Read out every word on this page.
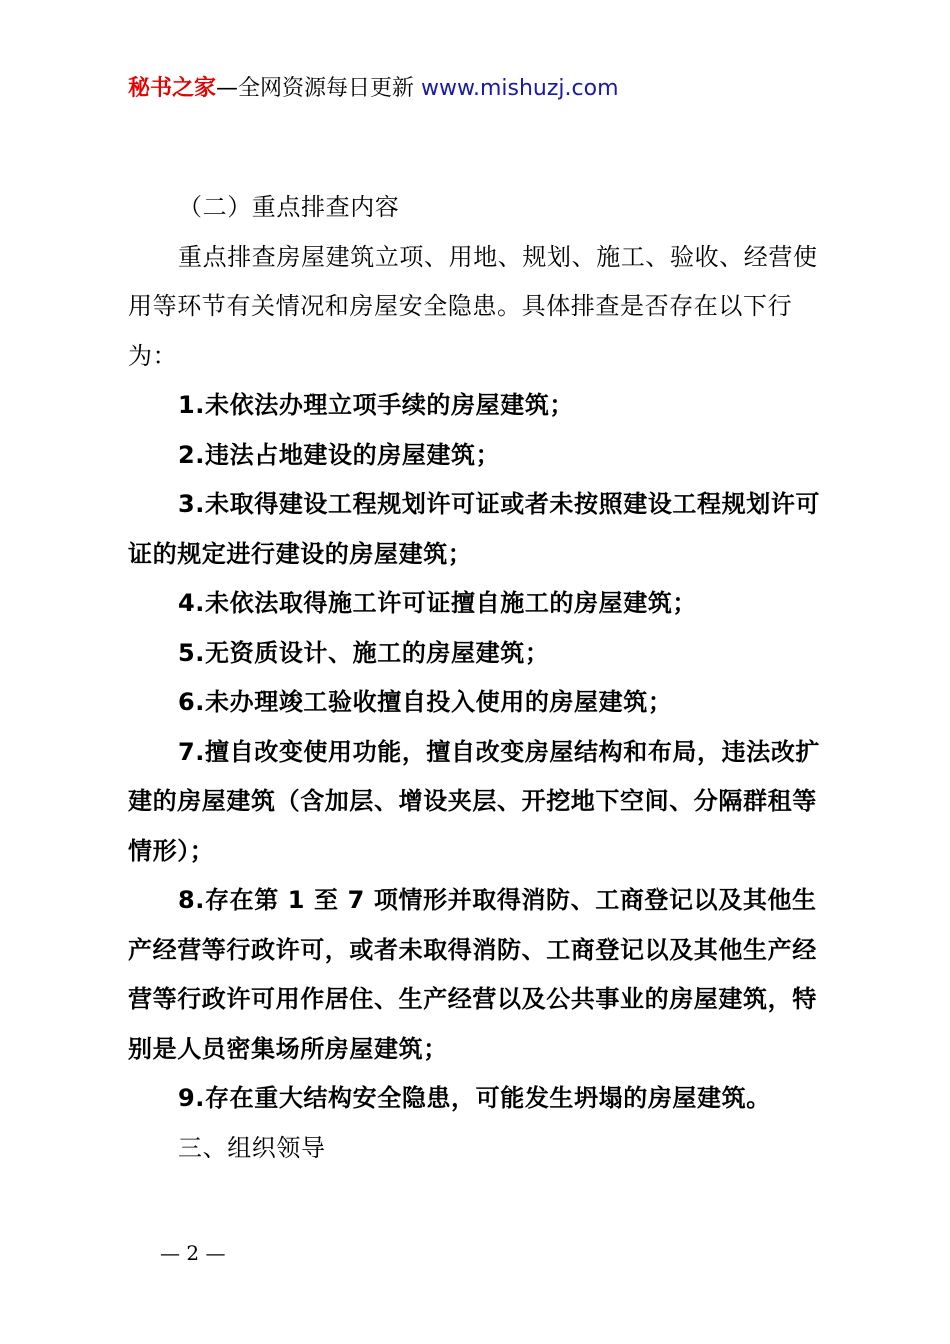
秘书之家—全网资源每日更新 www.mishuzj.com

（二）重点排查内容

重点排查房屋建筑立项、用地、规划、施工、验收、经营使用等环节有关情况和房屋安全隐患。具体排查是否存在以下行为：

1.未依法办理立项手续的房屋建筑；

2.违法占地建设的房屋建筑；

3.未取得建设工程规划许可证或者未按照建设工程规划许可证的规定进行建设的房屋建筑；

4.未依法取得施工许可证擅自施工的房屋建筑；

5.无资质设计、施工的房屋建筑；

6.未办理竣工验收擅自投入使用的房屋建筑；

7.擅自改变使用功能，擅自改变房屋结构和布局，违法改扩建的房屋建筑（含加层、增设夹层、开挖地下空间、分隔群租等情形）；

8.存在第 1 至 7 项情形并取得消防、工商登记以及其他生产经营等行政许可，或者未取得消防、工商登记以及其他生产经营等行政许可用作居住、生产经营以及公共事业的房屋建筑，特别是人员密集场所房屋建筑；

9.存在重大结构安全隐患，可能发生坍塌的房屋建筑。

三、组织领导

— 2 —
